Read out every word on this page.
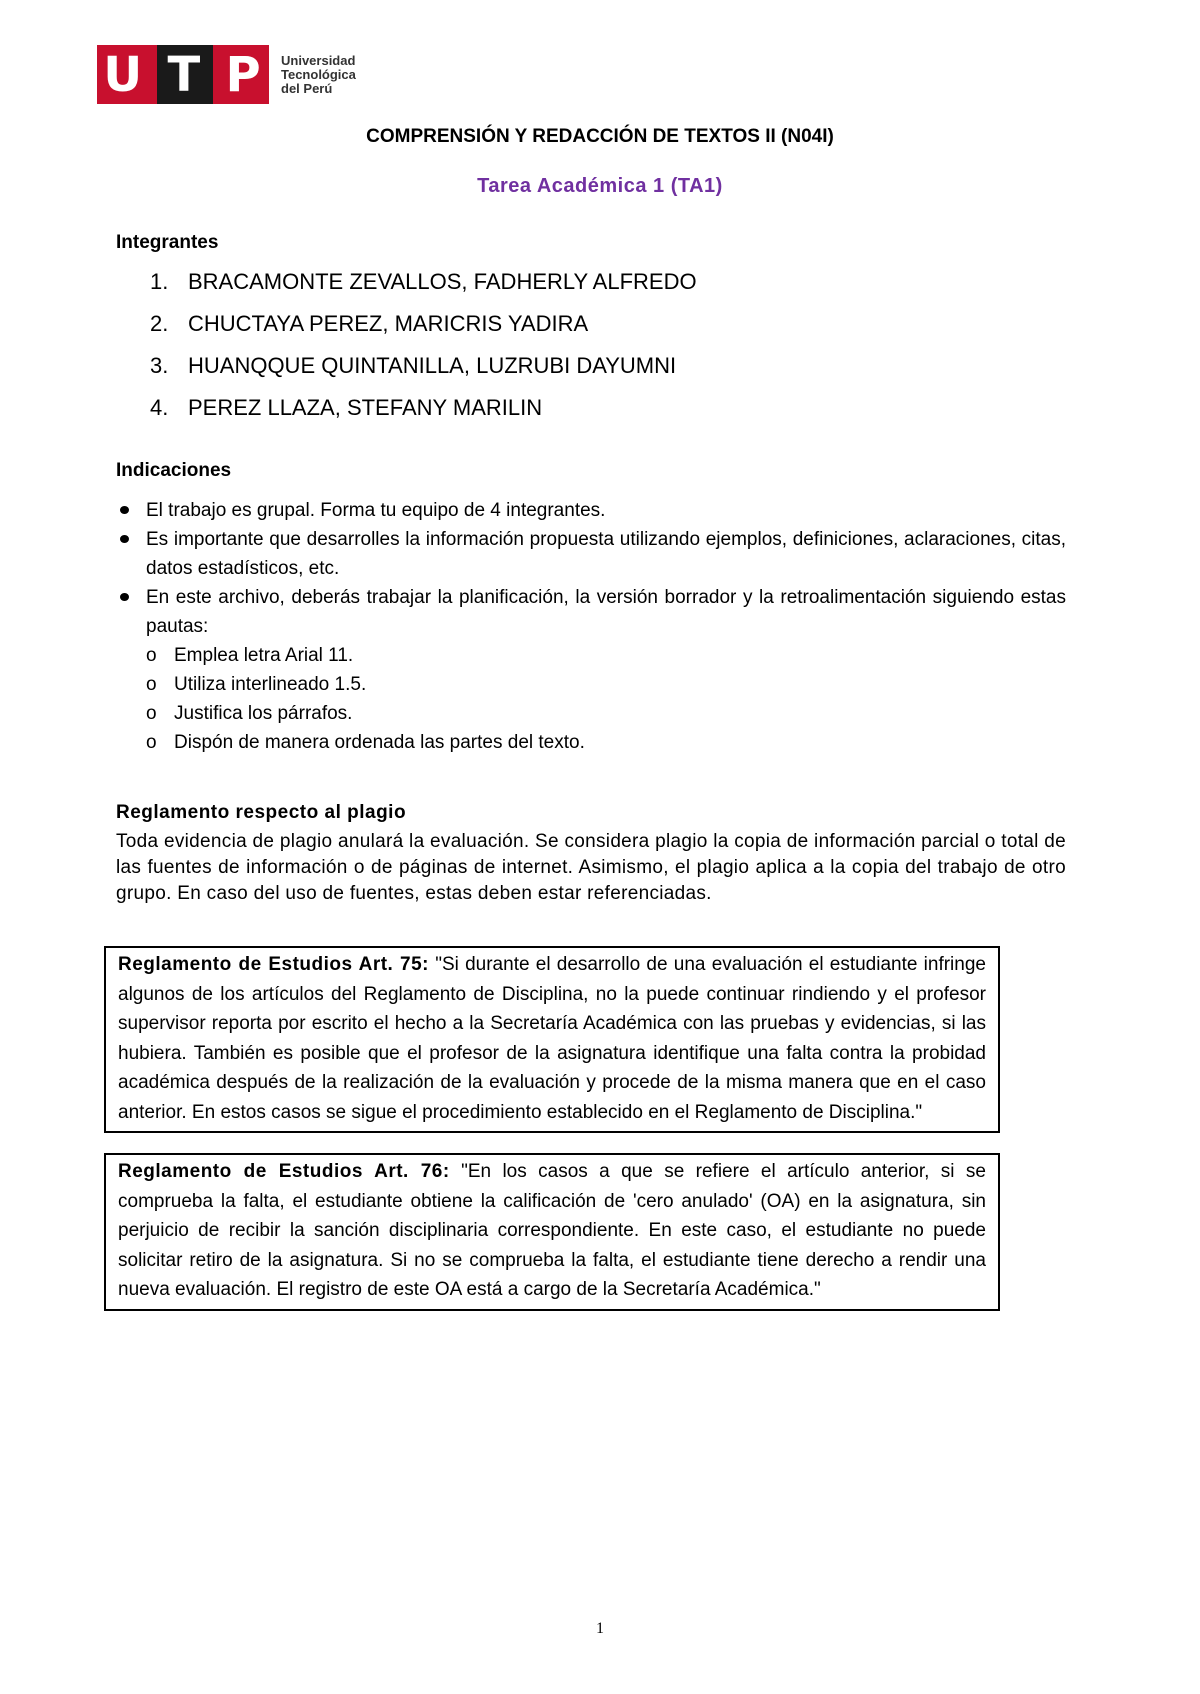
U T P Universidad
Tecnológica
del Perú
COMPRENSIÓN Y REDACCIÓN DE TEXTOS II (N04I)
Tarea Académica 1 (TA1)
Integrantes
1. BRACAMONTE ZEVALLOS, FADHERLY ALFREDO
2. CHUCTAYA PEREZ, MARICRIS YADIRA
3. HUANQQUE QUINTANILLA, LUZRUBI DAYUMNI
4. PEREZ LLAZA, STEFANY MARILIN
Indicaciones
El trabajo es grupal. Forma tu equipo de 4 integrantes.
Es importante que desarrolles la información propuesta utilizando ejemplos, definiciones, aclaraciones, citas, datos estadísticos, etc.
En este archivo, deberás trabajar la planificación, la versión borrador y la retroalimentación siguiendo estas pautas:
o Emplea letra Arial 11.
o Utiliza interlineado 1.5.
o Justifica los párrafos.
o Dispón de manera ordenada las partes del texto.
Reglamento respecto al plagio
Toda evidencia de plagio anulará la evaluación. Se considera plagio la copia de información parcial o total de las fuentes de información o de páginas de internet. Asimismo, el plagio aplica a la copia del trabajo de otro grupo. En caso del uso de fuentes, estas deben estar referenciadas.
Reglamento de Estudios Art. 75: "Si durante el desarrollo de una evaluación el estudiante infringe algunos de los artículos del Reglamento de Disciplina, no la puede continuar rindiendo y el profesor supervisor reporta por escrito el hecho a la Secretaría Académica con las pruebas y evidencias, si las hubiera. También es posible que el profesor de la asignatura identifique una falta contra la probidad académica después de la realización de la evaluación y procede de la misma manera que en el caso anterior. En estos casos se sigue el procedimiento establecido en el Reglamento de Disciplina."
Reglamento de Estudios Art. 76: "En los casos a que se refiere el artículo anterior, si se comprueba la falta, el estudiante obtiene la calificación de 'cero anulado' (OA) en la asignatura, sin perjuicio de recibir la sanción disciplinaria correspondiente. En este caso, el estudiante no puede solicitar retiro de la asignatura. Si no se comprueba la falta, el estudiante tiene derecho a rendir una nueva evaluación. El registro de este OA está a cargo de la Secretaría Académica."
1
